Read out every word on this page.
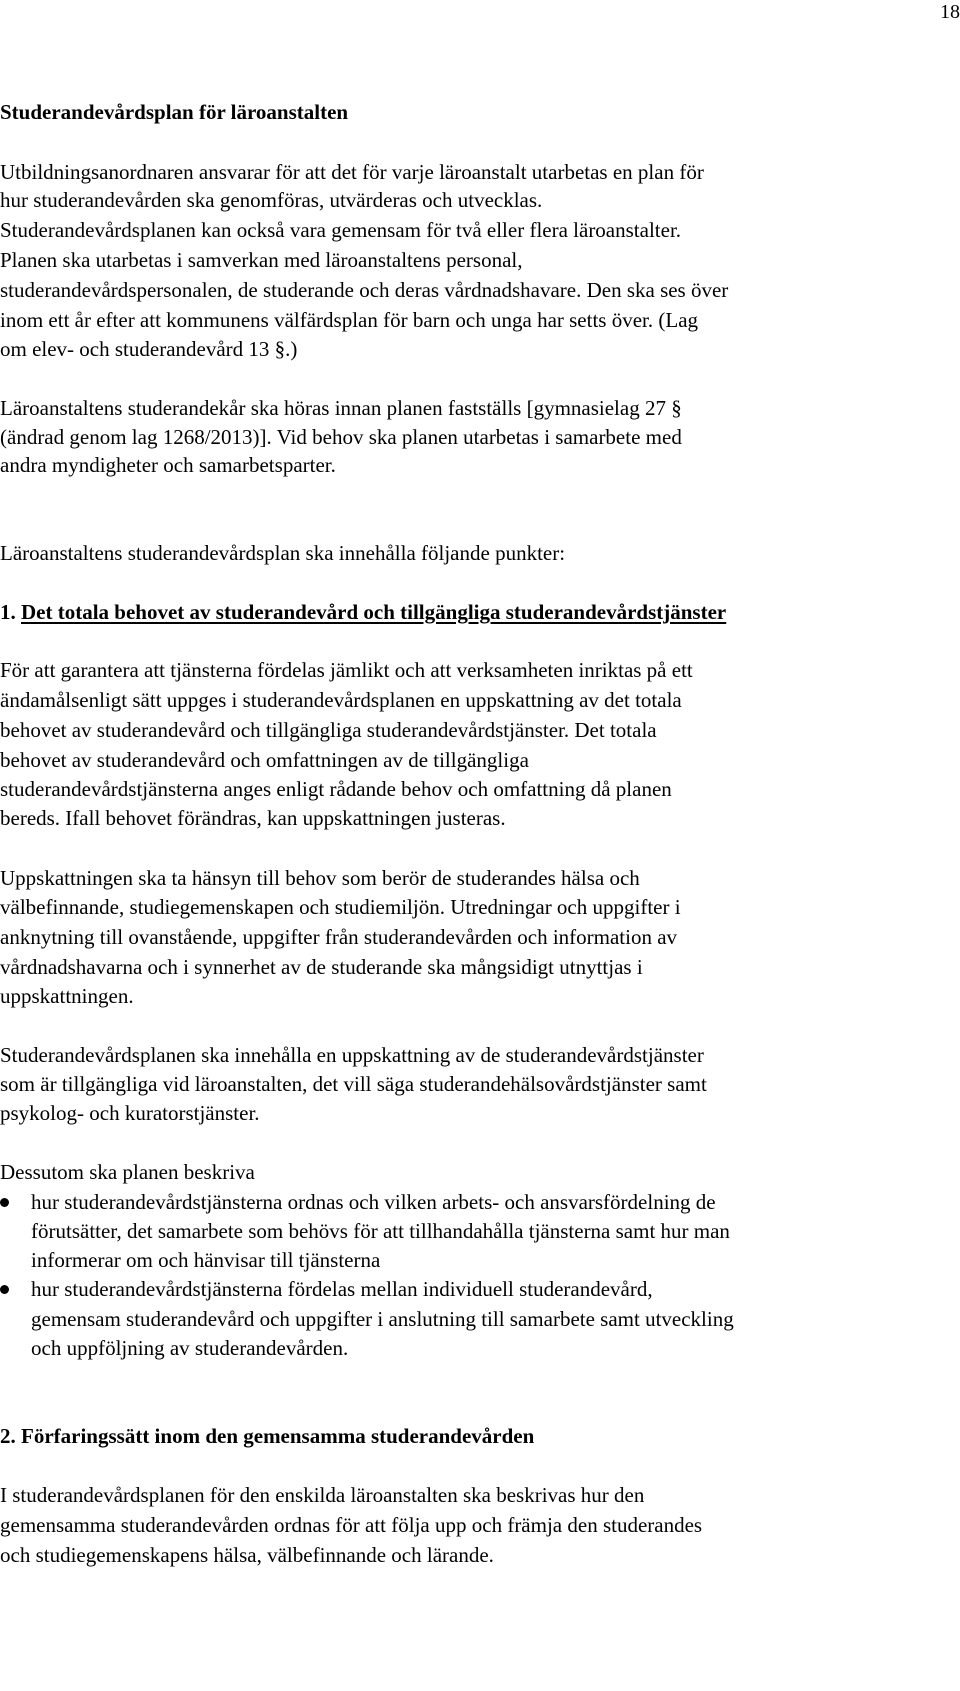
18
Studerandevårdsplan för läroanstalten
Utbildningsanordnaren ansvarar för att det för varje läroanstalt utarbetas en plan för
hur studerandevården ska genomföras, utvärderas och utvecklas.
Studerandevårdsplanen kan också vara gemensam för två eller flera läroanstalter.
Planen ska utarbetas i samverkan med läroanstaltens personal,
studerandevårdspersonalen, de studerande och deras vårdnadshavare. Den ska ses över
inom ett år efter att kommunens välfärdsplan för barn och unga har setts över. (Lag
om elev- och studerandevård 13 §.)
Läroanstaltens studerandekår ska höras innan planen fastställs [gymnasielag 27 §
(ändrad genom lag 1268/2013)]. Vid behov ska planen utarbetas i samarbete med
andra myndigheter och samarbetsparter.
Läroanstaltens studerandevårdsplan ska innehålla följande punkter:
1. Det totala behovet av studerandevård och tillgängliga studerandevårdstjänster
För att garantera att tjänsterna fördelas jämlikt och att verksamheten inriktas på ett
ändamålsenligt sätt uppges i studerandevårdsplanen en uppskattning av det totala
behovet av studerandevård och tillgängliga studerandevårdstjänster. Det totala
behovet av studerandevård och omfattningen av de tillgängliga
studerandevårdstjänsterna anges enligt rådande behov och omfattning då planen
bereds. Ifall behovet förändras, kan uppskattningen justeras.
Uppskattningen ska ta hänsyn till behov som berör de studerandes hälsa och
välbefinnande, studiegemenskapen och studiemiljön. Utredningar och uppgifter i
anknytning till ovanstående, uppgifter från studerandevården och information av
vårdnadshavarna och i synnerhet av de studerande ska mångsidigt utnyttjas i
uppskattningen.
Studerandevårdsplanen ska innehålla en uppskattning av de studerandevårdstjänster
som är tillgängliga vid läroanstalten, det vill säga studerandehälsovårdstjänster samt
psykolog- och kuratorstjänster.
Dessutom ska planen beskriva
hur studerandevårdstjänsterna ordnas och vilken arbets- och ansvarsfördelning de
förutsätter, det samarbete som behövs för att tillhandahålla tjänsterna samt hur man
informerar om och hänvisar till tjänsterna
hur studerandevårdstjänsterna fördelas mellan individuell studerandevård,
gemensam studerandevård och uppgifter i anslutning till samarbete samt utveckling
och uppföljning av studerandevården.
2. Förfaringssätt inom den gemensamma studerandevården
I studerandevårdsplanen för den enskilda läroanstalten ska beskrivas hur den
gemensamma studerandevården ordnas för att följa upp och främja den studerandes
och studiegemenskapens hälsa, välbefinnande och lärande.
